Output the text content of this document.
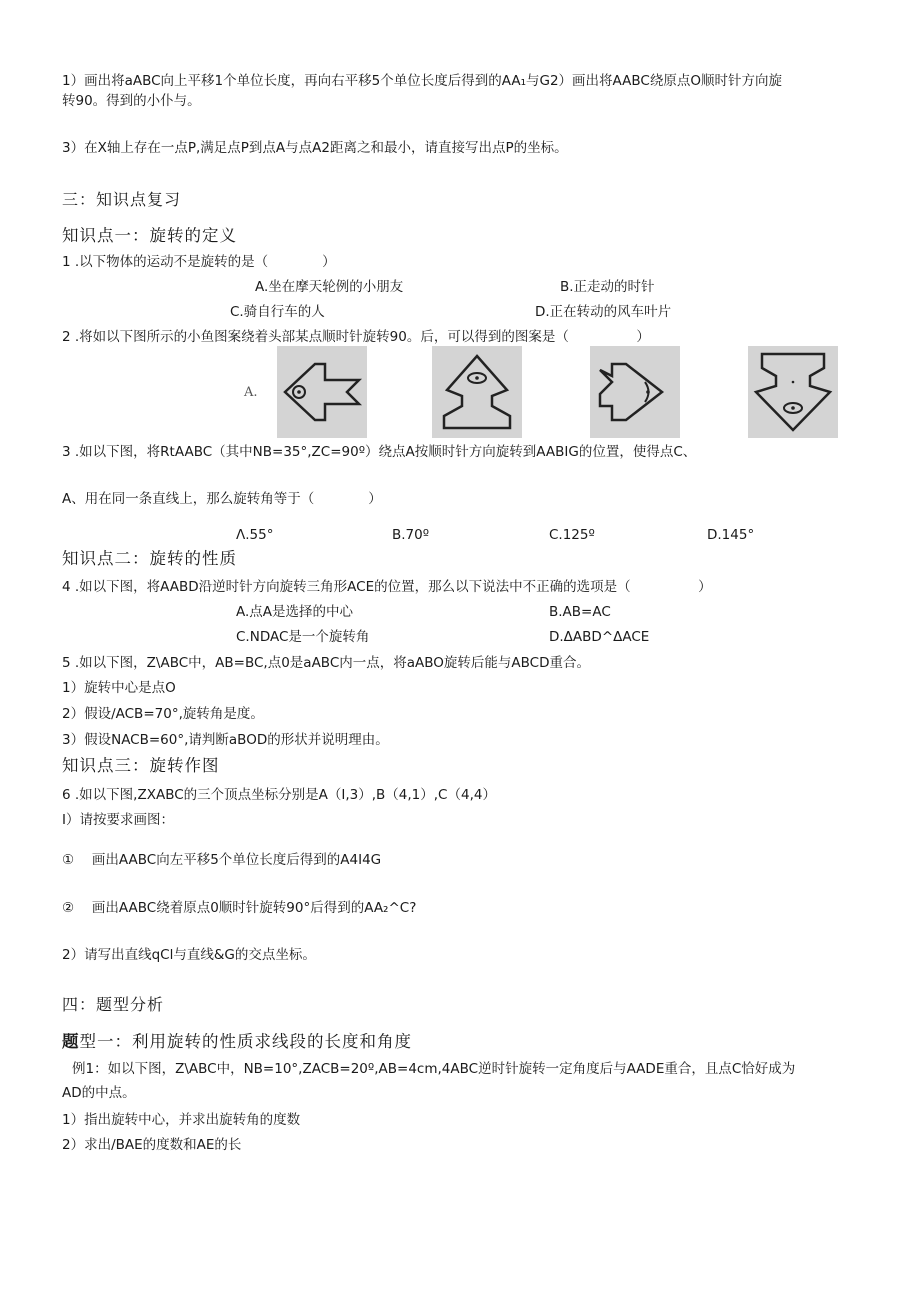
1）画出将aABC向上平移1个单位长度，再向右平移5个单位长度后得到的AA₁与G2）画出将AABC绕原点O顺时针方向旋
转90。得到的小仆与。
3）在X轴上存在一点P,满足点P到点A与点A2距离之和最小，请直接写出点P的坐标。
三：知识点复习
知识点一：旋转的定义
1 .以下物体的运动不是旋转的是（　　　　）
A.坐在摩天轮例的小朋友	B.正走动的时针
C.骑自行车的人	D.正在转动的风车叶片
2 .将如以下图所示的小鱼图案绕着头部某点顺时针旋转90。后，可以得到的图案是（　　　　　）
A.
3 .如以下图，将RtAABC（其中NB=35°,ZC=90º）绕点A按顺时针方向旋转到AABIG的位置，使得点C、
A、用在同一条直线上，那么旋转角等于（　　　　）
Λ.55°	B.70º	C.125º	D.145°
知识点二：旋转的性质
4 .如以下图，将AABD沿逆时针方向旋转三角形ACE的位置，那么以下说法中不正确的选项是（　　　　　）
A.点A是选择的中心	B.AB=AC
C.NDAC是一个旋转角	D.ΔABD^ΔACE
5 .如以下图，Z\ABC中，AB=BC,点0是aABC内一点，将aABO旋转后能与ABCD重合。
1）旋转中心是点O
2）假设∕ACB=70°,旋转角是度。
3）假设NACB=60°,请判断aBOD的形状并说明理由。
知识点三：旋转作图
6 .如以下图,ZXABC的三个顶点坐标分别是A（I,3）,B（4,1）,C（4,4）
I）请按要求画图：
①　 画出AABC向左平移5个单位长度后得到的A4I4G
②　 画出AABC绕着原点0顺时针旋转90°后得到的AA₂^C?
2）请写出直线qCl与直线&G的交点坐标。
四：题型分析
题型一：利用旋转的性质求线段的长度和角度
例1：如以下图，Z\ABC中，NB=10°,ZACB=20º,AB=4cm,4ABC逆时针旋转一定角度后与AADE重合，且点C恰好成为
AD的中点。
1）指出旋转中心，并求出旋转角的度数
2）求出/BAE的度数和AE的长
